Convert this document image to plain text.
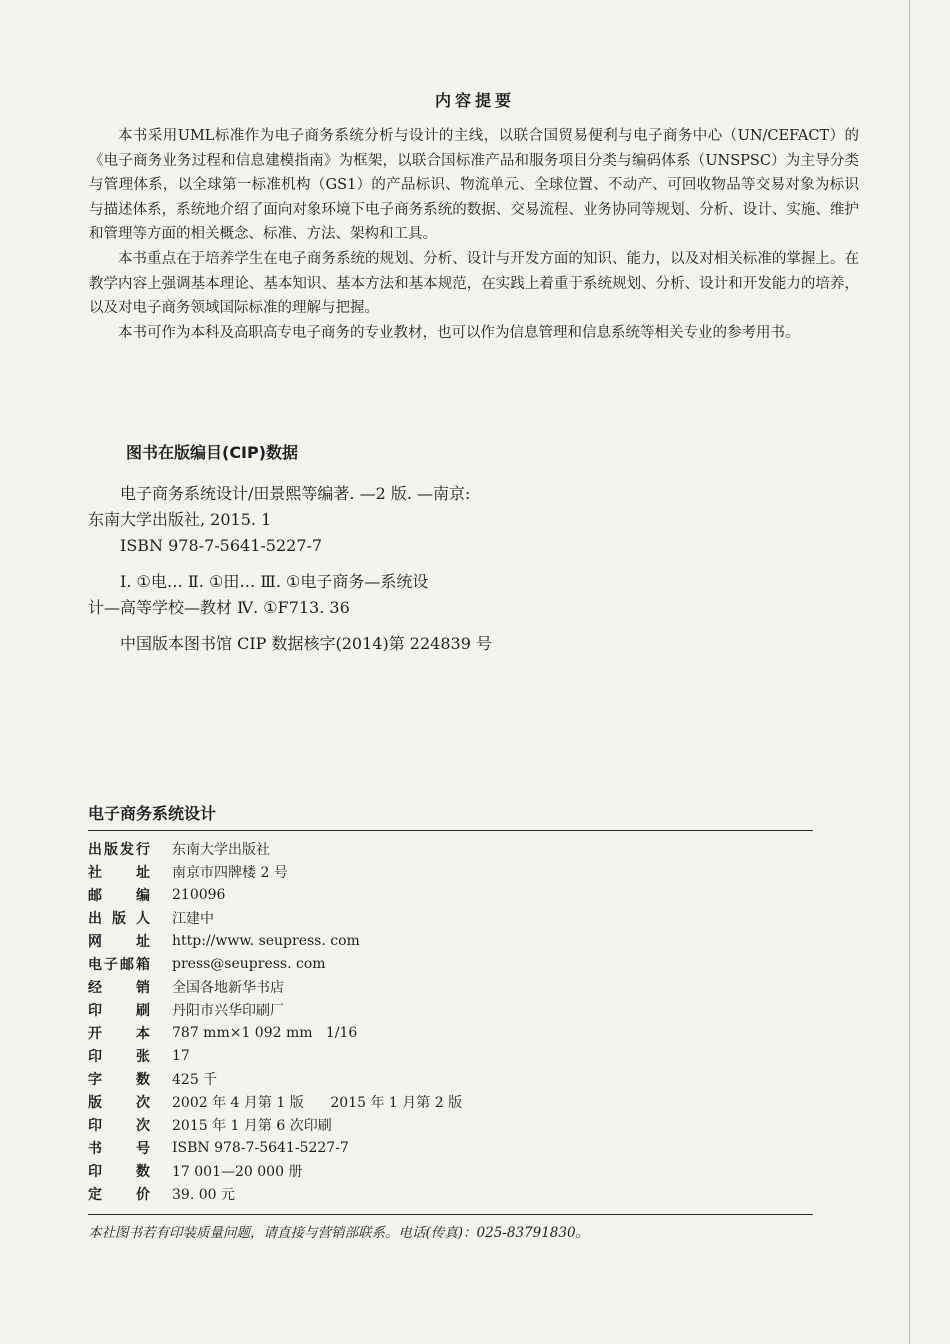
内容提要

本书采用UML标准作为电子商务系统分析与设计的主线，以联合国贸易便利与电子商务中心（UN/CEFACT）的《电子商务业务过程和信息建模指南》为框架，以联合国标准产品和服务项目分类与编码体系（UNSPSC）为主导分类与管理体系，以全球第一标准机构（GS1）的产品标识、物流单元、全球位置、不动产、可回收物品等交易对象为标识与描述体系，系统地介绍了面向对象环境下电子商务系统的数据、交易流程、业务协同等规划、分析、设计、实施、维护和管理等方面的相关概念、标准、方法、架构和工具。

本书重点在于培养学生在电子商务系统的规划、分析、设计与开发方面的知识、能力，以及对相关标准的掌握上。在教学内容上强调基本理论、基本知识、基本方法和基本规范，在实践上着重于系统规划、分析、设计和开发能力的培养，以及对电子商务领域国际标准的理解与把握。

本书可作为本科及高职高专电子商务的专业教材，也可以作为信息管理和信息系统等相关专业的参考用书。

图书在版编目(CIP)数据
电子商务系统设计/田景熙等编著. —2 版. —南京:
东南大学出版社, 2015. 1
ISBN 978-7-5641-5227-7
Ⅰ. ①电… Ⅱ. ①田… Ⅲ. ①电子商务—系统设
计—高等学校—教材 Ⅳ. ①F713. 36
中国版本图书馆 CIP 数据核字(2014)第 224839 号
电子商务系统设计
出版发行 东南大学出版社
社址 南京市四牌楼 2 号
邮编 210096
出版人 江建中
网址 http://www. seupress. com
电子邮箱 press@seupress. com
经销 全国各地新华书店
印刷 丹阳市兴华印刷厂
开本 787 mm×1 092 mm   1/16
印张 17
字数 425 千
版次 2002 年 4 月第 1 版      2015 年 1 月第 2 版
印次 2015 年 1 月第 6 次印刷
书号 ISBN 978-7-5641-5227-7
印数 17 001—20 000 册
定价 39. 00 元
本社图书若有印装质量问题，请直接与营销部联系。电话(传真)：025-83791830。
